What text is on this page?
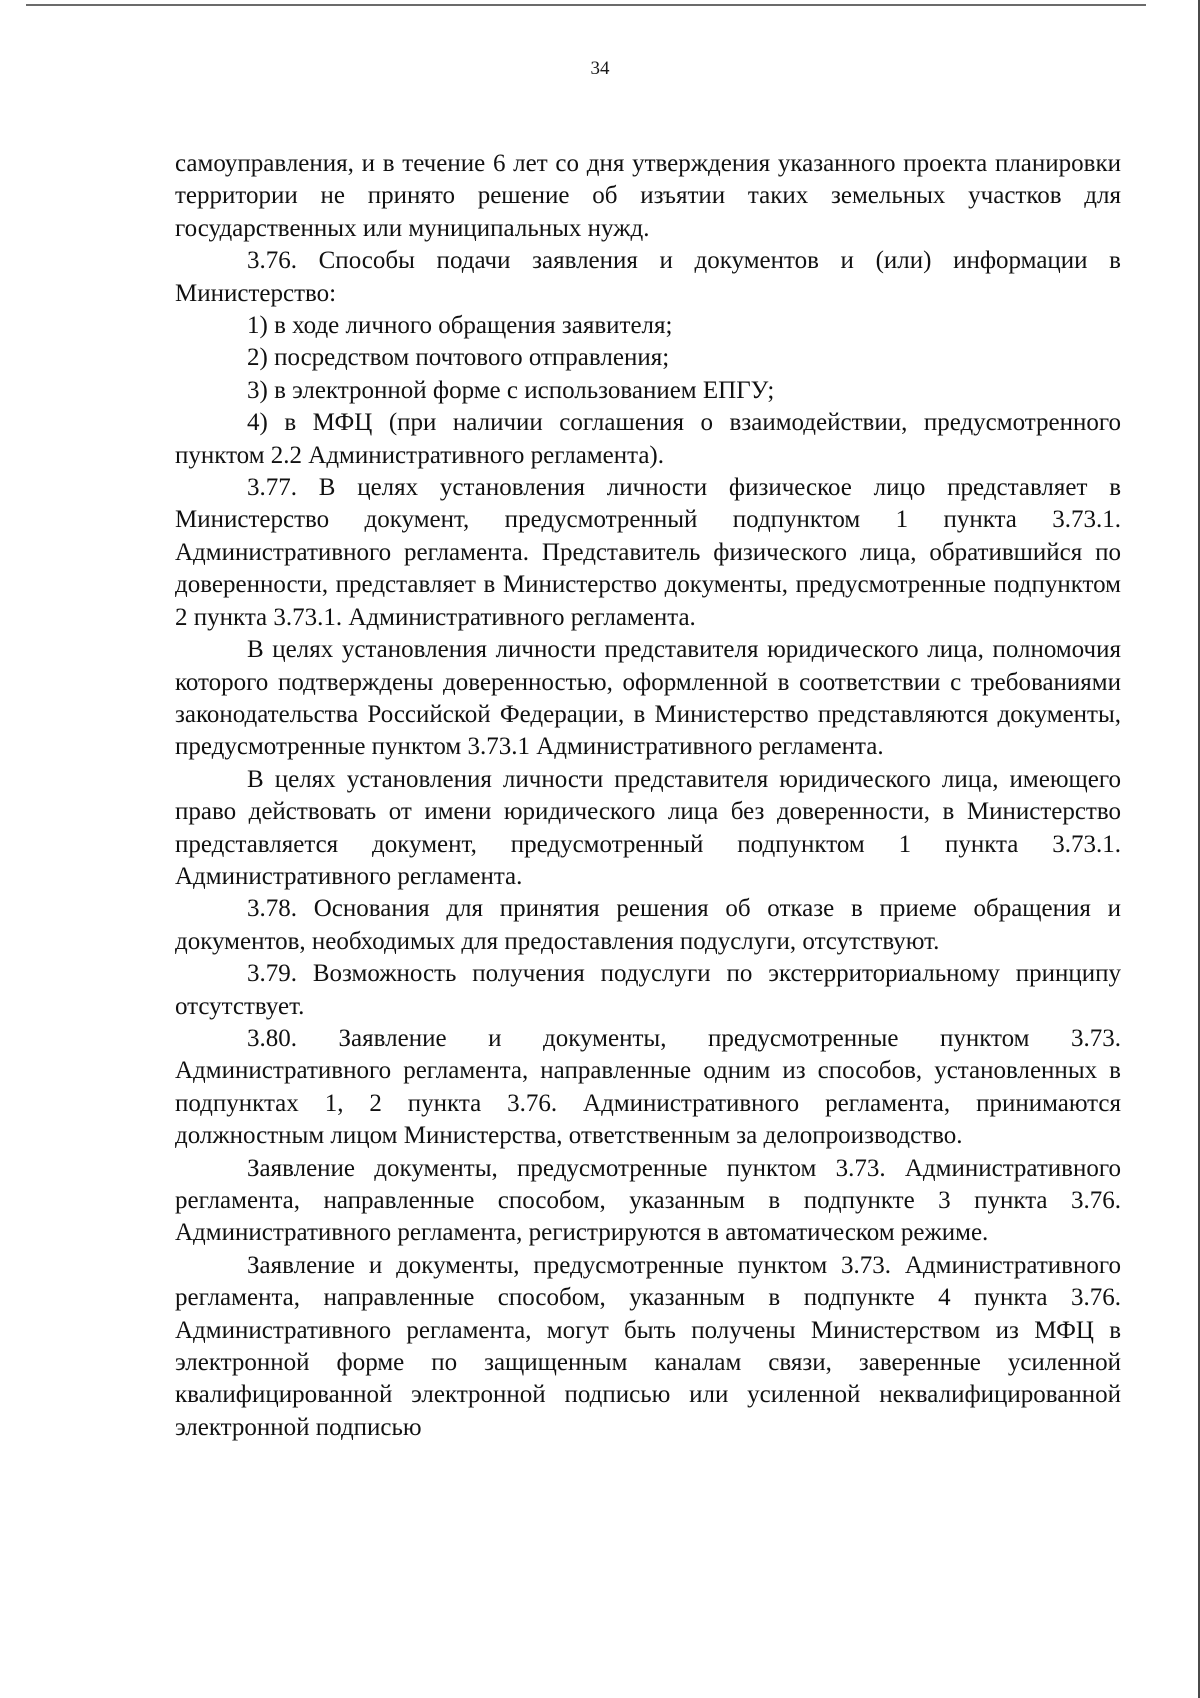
34

самоуправления, и в течение 6 лет со дня утверждения указанного проекта планировки территории не принято решение об изъятии таких земельных участков для государственных или муниципальных нужд.

3.76. Способы подачи заявления и документов и (или) информации в Министерство:

1) в ходе личного обращения заявителя;

2) посредством почтового отправления;

3) в электронной форме с использованием ЕПГУ;

4) в МФЦ (при наличии соглашения о взаимодействии, предусмотренного пунктом 2.2 Административного регламента).

3.77. В целях установления личности физическое лицо представляет в Министерство документ, предусмотренный подпунктом 1 пункта 3.73.1. Административного регламента. Представитель физического лица, обратившийся по доверенности, представляет в Министерство документы, предусмотренные подпунктом 2 пункта 3.73.1. Административного регламента.

В целях установления личности представителя юридического лица, полномочия которого подтверждены доверенностью, оформленной в соответствии с требованиями законодательства Российской Федерации, в Министерство представляются документы, предусмотренные пунктом 3.73.1 Административного регламента.

В целях установления личности представителя юридического лица, имеющего право действовать от имени юридического лица без доверенности, в Министерство представляется документ, предусмотренный подпунктом 1 пункта 3.73.1. Административного регламента.

3.78. Основания для принятия решения об отказе в приеме обращения и документов, необходимых для предоставления подуслуги, отсутствуют.

3.79. Возможность получения подуслуги по экстерриториальному принципу отсутствует.

3.80. Заявление и документы, предусмотренные пунктом 3.73. Административного регламента, направленные одним из способов, установленных в подпунктах 1, 2 пункта 3.76. Административного регламента, принимаются должностным лицом Министерства, ответственным за делопроизводство.

Заявление документы, предусмотренные пунктом 3.73. Административного регламента, направленные способом, указанным в подпункте 3 пункта 3.76. Административного регламента, регистрируются в автоматическом режиме.

Заявление и документы, предусмотренные пунктом 3.73. Административного регламента, направленные способом, указанным в подпункте 4 пункта 3.76. Административного регламента, могут быть получены Министерством из МФЦ в электронной форме по защищенным каналам связи, заверенные усиленной квалифицированной электронной подписью или усиленной неквалифицированной электронной подписью
